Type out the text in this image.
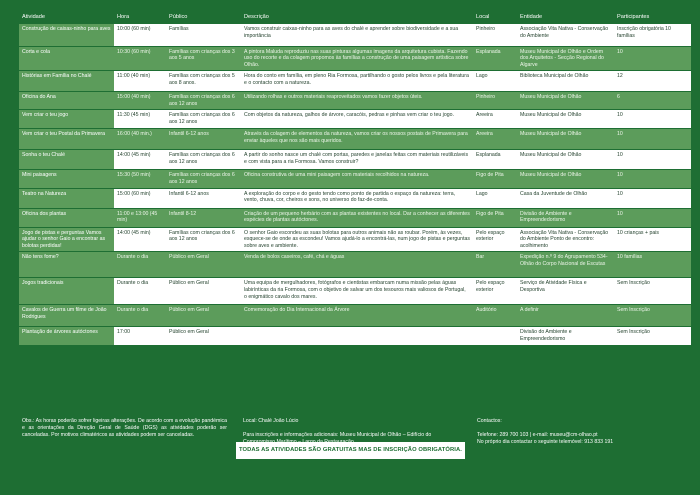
Atividade	Hora	Público	Descrição	Local	Entidade	Participantes
Construção de caixas-ninho para aves	10:00 (60 min)	Famílias	Vamos construir caixas-ninho para as aves do chalé e aprender sobre biodiversidade e a sua importância	Pinheiro	Associação Vita Nativa - Conservação do Ambiente	Inscrição obrigatória 10 famílias
Corta e cola	10:30 (60 min)	Famílias com crianças dos 3 aos 5 anos	A pintora Maluda reproduziu nas suas pinturas algumas imagens da arquitetura cubista. Fazendo uso do recorte e da colagem propomos às famílias a construção de uma paisagem artística sobre Olhão.	Esplanada	Museu Municipal de Olhão e Ordem dos Arquitetos - Secção Regional do Algarve	10
Histórias em Família no Chalé	11:00 (40 min)	Famílias com crianças dos 5 aos 8 anos.	Hora do conto em família, em pleno Ria Formosa, partilhando o gosto pelos livros e pela literatura e o contacto com a natureza.	Lago	Biblioteca Municipal de Olhão	12
Oficina do Ana	15:00 (40 min)	Famílias com crianças dos 6 aos 12 anos	Utilizando rolhas e outros materiais reaproveitados vamos fazer objetos úteis.	Pinheiro	Museu Municipal de Olhão	6
Vem criar o teu jogo	11:30 (45 min)	Famílias com crianças dos 6 aos 12 anos	Com objetos da natureza, galhos de árvore, caracóis, pedras e pinhas vem criar o teu jogo.	Areeira	Museu Municipal de Olhão	10
Vem criar o teu Postal da Primavera	16:00 (40 min.)	Infantil 6-12 anos	Através da colagem de elementos da natureza, vamos criar os nossos postais de Primavera para enviar àqueles que nos são mais queridos.	Areeira	Museu Municipal de Olhão	10
Sonha o teu Chalé	14:00 (45 min)	Famílias com crianças dos 6 aos 12 anos	A partir do sonho nasce um chalé com portas, paredes e janelas feitas com materiais reutilizáveis e com vista para a ria Formosa. Vamos construir?	Esplanada	Museu Municipal de Olhão	10
Mini paisagens	15:30 (50 min)	Famílias com crianças dos 6 aos 12 anos	Oficina construtiva de uma mini paisagem com materiais recolhidos na natureza.	Figo de Pita	Museu Municipal de Olhão	10
Teatro na Natureza	15:00 (60 min)	Infantil 6-12 anos	A exploração do corpo e do gesto tendo como ponto de partida o espaço da natureza: terra, vento, chuva, cor, cheiros e sons, no universo do faz-de-conta.	Lago	Casa da Juventude de Olhão	10
Oficina dos plantas	11:00 e 13:00 (45 min)	Infantil 8-12	Criação de um pequeno herbário com as plantas existentes no local. Dar a conhecer as diferentes espécies de plantas autóctones.	Figo de Pita	Divisão de Ambiente e Empreendedorismo	10
Jogo de pistas e perguntas Vamos ajudar o senhor Gaio a encontrar as bolotas perdidas!	14:00 (45 min)	Famílias com crianças dos 6 aos 12 anos	O senhor Gaio escondeu as suas bolotas para outros animais não as roubar. Porém, às vezes, esquece-se de onde as escondeu! Vamos ajudá-lo a encontrá-las, num jogo de pistas e perguntas sobre aves e ambiente.	Pelo espaço exterior	Associação Vita Nativa - Conservação do Ambiente Ponto de encontro: acolhimento	10 crianças + pais
Não tens fome?	Durante o dia	Público em Geral	Venda de bolos caseiros, café, chá e águas	Bar	Expedição n.º 9 do Agrupamento 534-Olhão do Corpo Nacional de Escutas	10 famílias
Jogos tradicionais	Durante o dia	Público em Geral	Uma equipa de mergulhadores, fotógrafos e cientistas embarcam numa missão pelas águas labirínticas da ria Formosa, com o objetivo de salvar um dos tesouros mais valiosos de Portugal, o enigmático cavalo dos mares.	Pelo espaço exterior	Serviço de Atividade Física e Desportiva	Sem Inscrição
Cavalos de Guerra um filme de João Rodrigues	Durante o dia	Público em Geral	Comemoração do Dia Internacional da Árvore	Auditório	A definir	Sem Inscrição
Plantação de árvores autóctones	17:00	Público em Geral			Divisão do Ambiente e Empreendedorismo	Sem Inscrição
Obs.: As horas poderão sofrer ligeiras alterações. De acordo com a evolução pandémica e as orientações da Direção Geral de Saúde (DGS) as atividades poderão ser canceladas. Por motivos climatéricos as atividades podem ser canceladas.
Local: Chalé João Lúcio
Para inscrições e informações adicionais: Museu Municipal de Olhão – Edifício do
Contactos:
Telefone: 289 700 103 | e-mail: museu@cm-olhao.pt
No próprio dia contactar o seguinte telemóvel: 913 833 191
TODAS AS ATIVIDADES SÃO GRATUITAS MAS DE INSCRIÇÃO OBRIGATÓRIA.
